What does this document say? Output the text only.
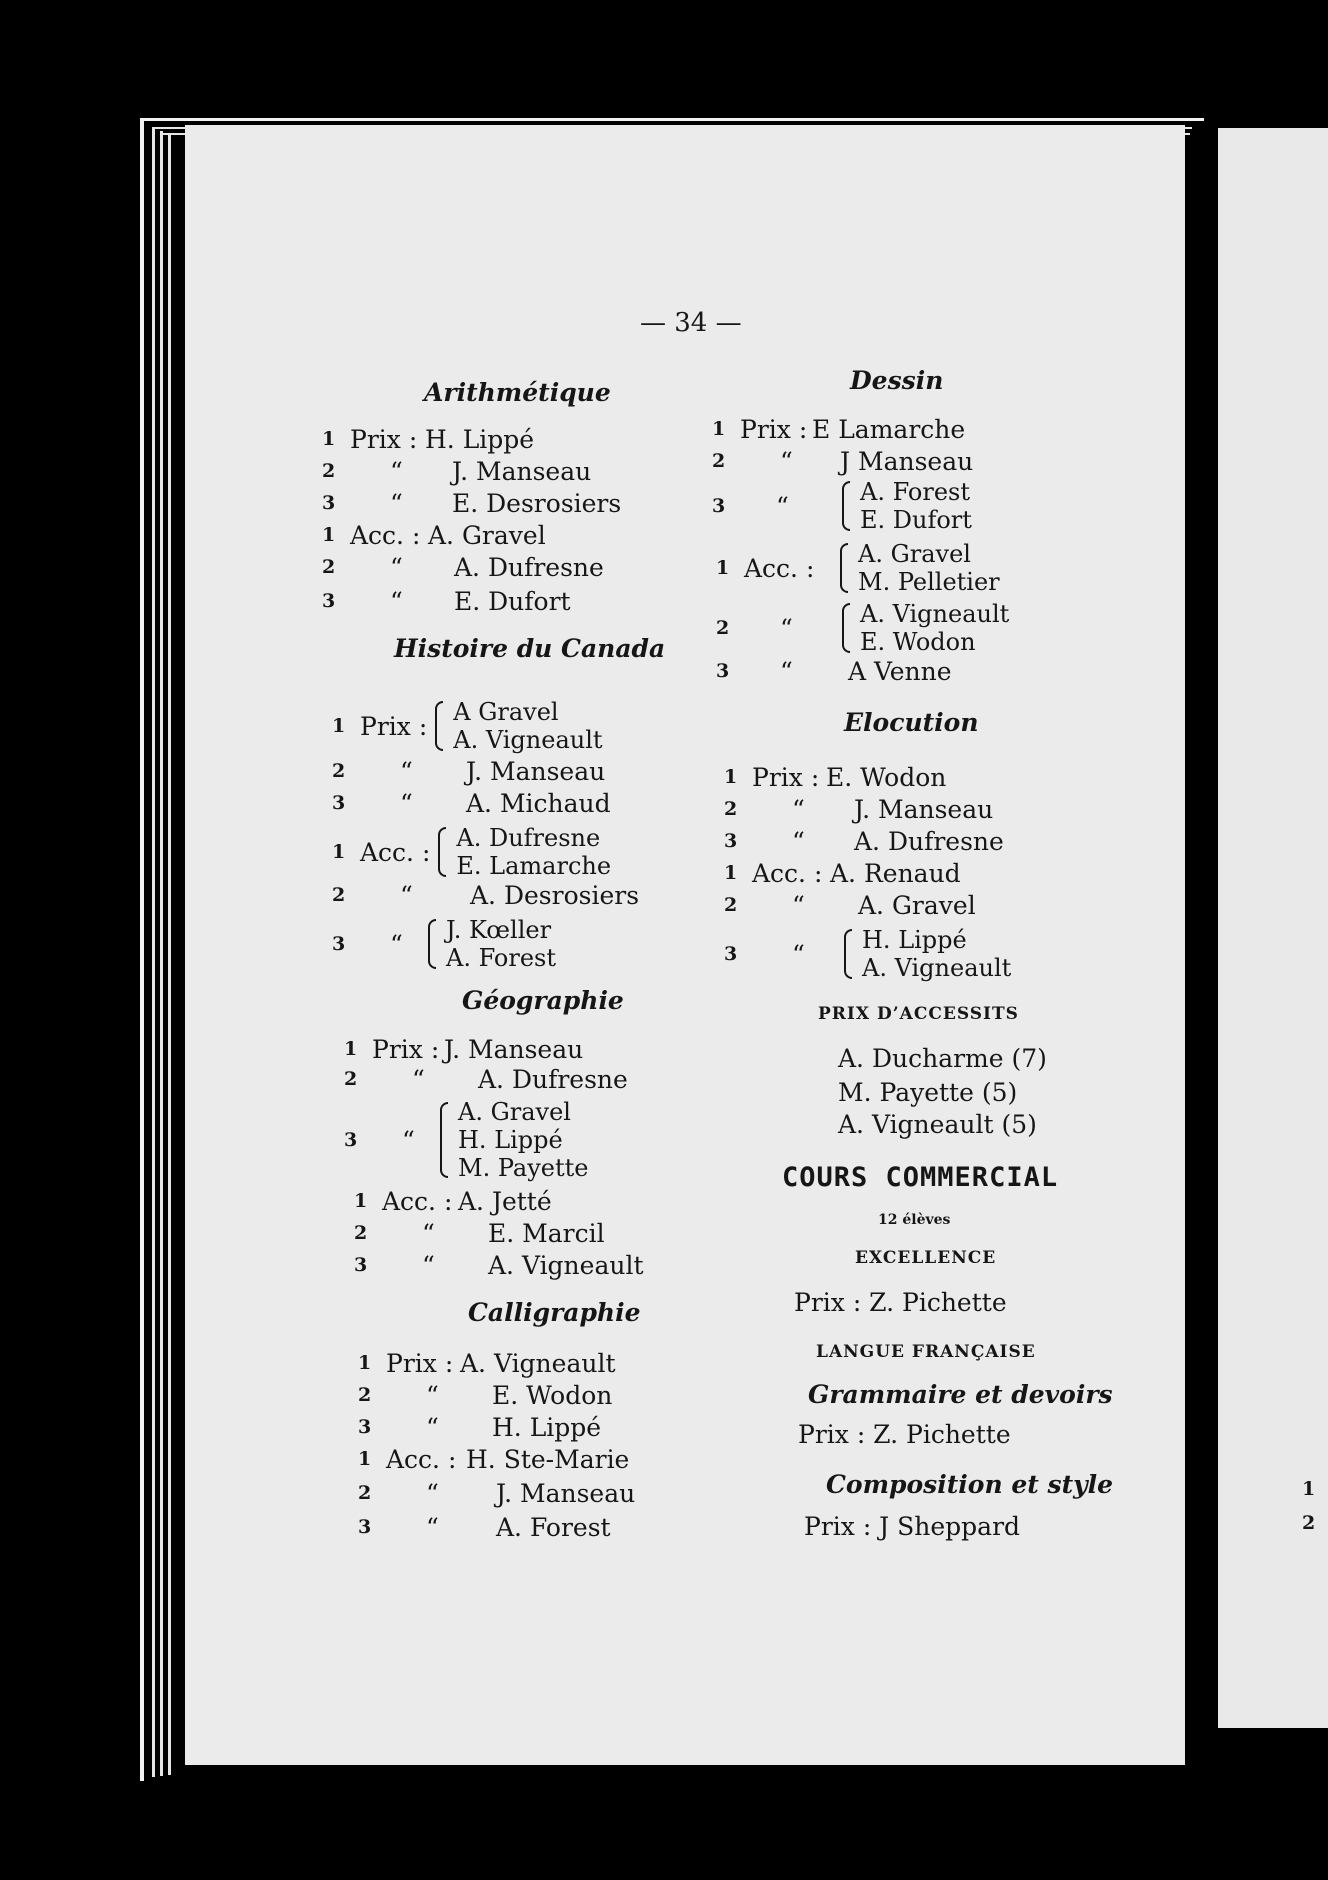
1
2
— 34 —
Arithmétique
1 Prix : H. Lippé
2	“	J. Manseau
3	“	E. Desrosiers
1 Acc. : A. Gravel
2	“	A. Dufresne
3	“	E. Dufort
Histoire du Canada
1 Prix : A Gravel
A. Vigneault
2	“	J. Manseau
3	“	A. Michaud
1 Acc. : A. Dufresne
E. Lamarche
2	“	A. Desrosiers
3	“	J. Kœller
A. Forest
Géographie
1 Prix : J. Manseau
2	“	A. Dufresne
3	“
A. Gravel
H. Lippé
M. Payette
1 Acc. : A. Jetté
2	“	E. Marcil
3	“	A. Vigneault
Calligraphie
1 Prix : A. Vigneault
2	“	E. Wodon
3	“	H. Lippé
1 Acc. : H. Ste-Marie
2	“	J. Manseau
3	“	A. Forest
Dessin
1 Prix : E Lamarche
2	“	J Manseau
3	“	A. Forest
E. Dufort
1 Acc. :	A. Gravel
M. Pelletier
2	“	A. Vigneault
E. Wodon
3	“	A Venne
Elocution
1 Prix : E. Wodon
2	“	J. Manseau
3	“	A. Dufresne
1 Acc. : A. Renaud
2	“	A. Gravel
3	“	H. Lippé
A. Vigneault
PRIX D’ACCESSITS
A. Ducharme (7)
M. Payette (5)
A. Vigneault (5)
COURS COMMERCIAL
12 élèves
EXCELLENCE
Prix : Z. Pichette
LANGUE FRANÇAISE
Grammaire et devoirs
Prix : Z. Pichette
Composition et style
Prix : J Sheppard
